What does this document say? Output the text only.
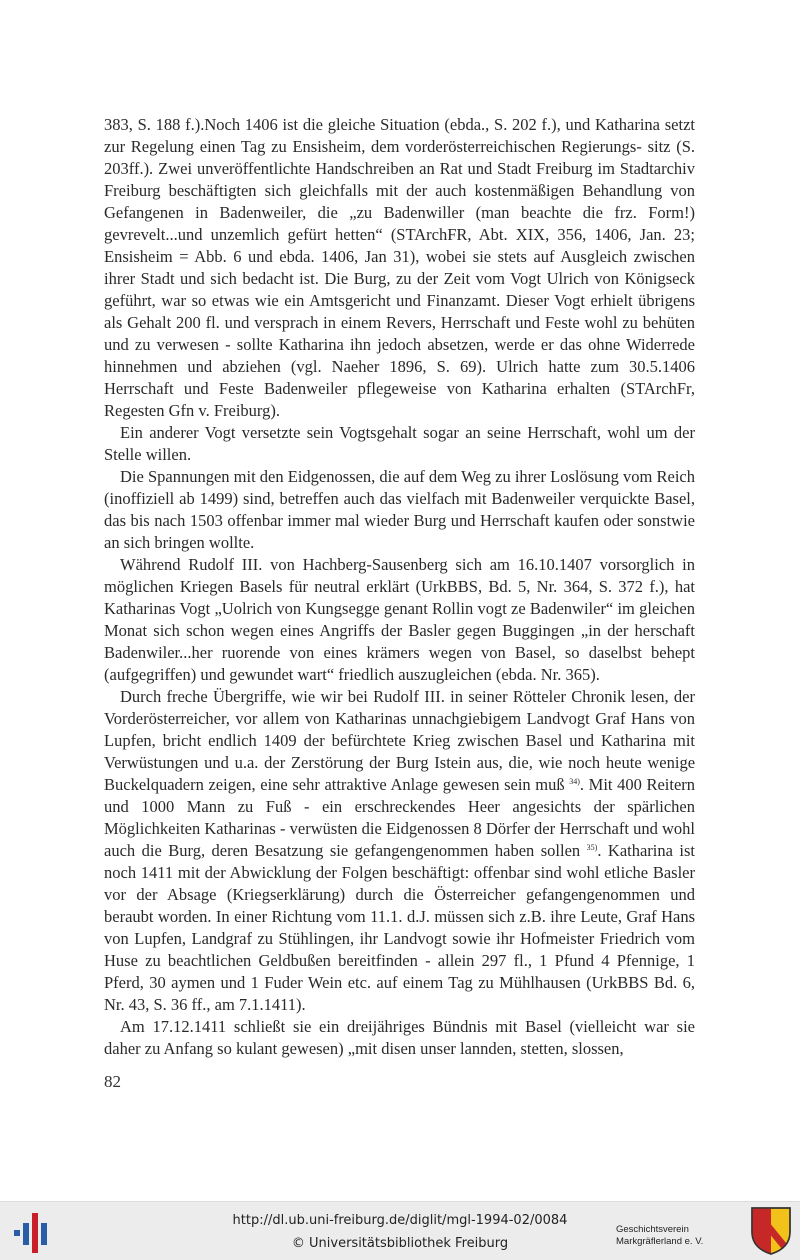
383, S. 188 f.).Noch 1406 ist die gleiche Situation (ebda., S. 202 f.), und Katharina setzt zur Regelung einen Tag zu Ensisheim, dem vorderösterreichischen Regierungs- sitz (S. 203ff.). Zwei unveröffentlichte Handschreiben an Rat und Stadt Freiburg im Stadtarchiv Freiburg beschäftigten sich gleichfalls mit der auch kostenmäßigen Behandlung von Gefangenen in Badenweiler, die „zu Badenwiller (man beachte die frz. Form!) gevrevelt...und unzemlich gefürt hetten“ (STArchFR, Abt. XIX, 356, 1406, Jan. 23; Ensisheim = Abb. 6 und ebda. 1406, Jan 31), wobei sie stets auf Ausgleich zwischen ihrer Stadt und sich bedacht ist. Die Burg, zu der Zeit vom Vogt Ulrich von Königseck geführt, war so etwas wie ein Amtsgericht und Finanzamt. Dieser Vogt erhielt übrigens als Gehalt 200 fl. und versprach in einem Revers, Herrschaft und Feste wohl zu behüten und zu verwesen - sollte Katharina ihn jedoch absetzen, werde er das ohne Widerrede hinnehmen und abziehen (vgl. Naeher 1896, S. 69). Ulrich hatte zum 30.5.1406 Herrschaft und Feste Badenweiler pflegeweise von Katharina erhalten (STArchFr, Regesten Gfn v. Freiburg).

Ein anderer Vogt versetzte sein Vogtsgehalt sogar an seine Herrschaft, wohl um der Stelle willen.

Die Spannungen mit den Eidgenossen, die auf dem Weg zu ihrer Loslösung vom Reich (inoffiziell ab 1499) sind, betreffen auch das vielfach mit Badenweiler verquickte Basel, das bis nach 1503 offenbar immer mal wieder Burg und Herrschaft kaufen oder sonstwie an sich bringen wollte.

Während Rudolf III. von Hachberg-Sausenberg sich am 16.10.1407 vorsorglich in möglichen Kriegen Basels für neutral erklärt (UrkBBS, Bd. 5, Nr. 364, S. 372 f.), hat Katharinas Vogt „Uolrich von Kungsegge genant Rollin vogt ze Badenwiler“ im gleichen Monat sich schon wegen eines Angriffs der Basler gegen Buggingen „in der herschaft Badenwiler...her ruorende von eines krämers wegen von Basel, so daselbst behept (aufgegriffen) und gewundet wart“ friedlich auszugleichen (ebda. Nr. 365).

Durch freche Übergriffe, wie wir bei Rudolf III. in seiner Rötteler Chronik lesen, der Vorderösterreicher, vor allem von Katharinas unnachgiebigem Landvogt Graf Hans von Lupfen, bricht endlich 1409 der befürchtete Krieg zwischen Basel und Katharina mit Verwüstungen und u.a. der Zerstörung der Burg Istein aus, die, wie noch heute wenige Buckelquadern zeigen, eine sehr attraktive Anlage gewesen sein muß $^{34)}$. Mit 400 Reitern und 1000 Mann zu Fuß - ein erschreckendes Heer angesichts der spärlichen Möglichkeiten Katharinas - verwüsten die Eidgenossen 8 Dörfer der Herrschaft und wohl auch die Burg, deren Besatzung sie gefangengenommen haben sollen $^{35)}$. Katharina ist noch 1411 mit der Abwicklung der Folgen beschäftigt: offenbar sind wohl etliche Basler vor der Absage (Kriegserklärung) durch die Österreicher gefangengenommen und beraubt worden. In einer Richtung vom 11.1. d.J. müssen sich z.B. ihre Leute, Graf Hans von Lupfen, Landgraf zu Stühlingen, ihr Landvogt sowie ihr Hofmeister Friedrich vom Huse zu beachtlichen Geldbußen bereitfinden - allein 297 fl., 1 Pfund 4 Pfennige, 1 Pferd, 30 aymen und 1 Fuder Wein etc. auf einem Tag zu Mühlhausen (UrkBBS Bd. 6, Nr. 43, S. 36 ff., am 7.1.1411).

Am 17.12.1411 schließt sie ein dreijähriges Bündnis mit Basel (vielleicht war sie daher zu Anfang so kulant gewesen) „mit disen unser lannden, stetten, slossen,

82
http://dl.ub.uni-freiburg.de/diglit/mgl-1994-02/0084
© Universitätsbibliothek Freiburg
Geschichtsverein
Markgräflerland e. V.
